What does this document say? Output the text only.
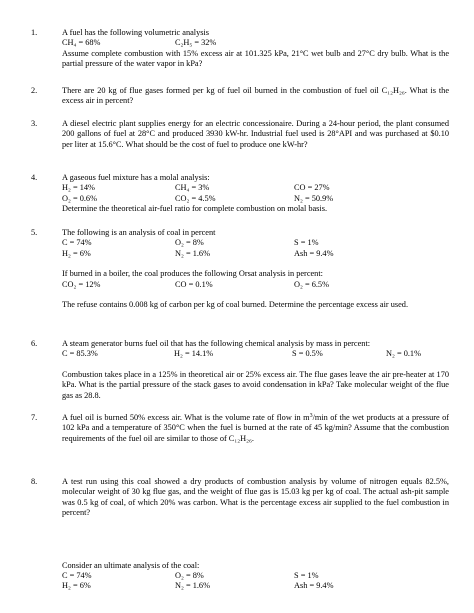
1.	A fuel has the following volumetric analysis
CH₄ = 68%	C₂H₅ = 32%
Assume complete combustion with 15% excess air at 101.325 kPa, 21°C wet bulb and 27°C dry bulb. What is the partial pressure of the water vapor in kPa?
2.	There are 20 kg of flue gases formed per kg of fuel oil burned in the combustion of fuel oil C₁₂H₂₆. What is the excess air in percent?
3.	A diesel electric plant supplies energy for an electric concessionaire. During a 24-hour period, the plant consumed 200 gallons of fuel at 28°C and produced 3930 kW-hr. Industrial fuel used is 28°API and was purchased at $0.10 per liter at 15.6°C. What should be the cost of fuel to produce one kW-hr?
4.	A gaseous fuel mixture has a molal analysis:
H₂ = 14%	CH₄ = 3%	CO = 27%
O₂ = 0.6%	CO₂ = 4.5%	N₂ = 50.9%
Determine the theoretical air-fuel ratio for complete combustion on molal basis.
5.	The following is an analysis of coal in percent
C = 74%	O₂ = 8%	S = 1%
H₂ = 6%	N₂ = 1.6%	Ash = 9.4%
If burned in a boiler, the coal produces the following Orsat analysis in percent:
CO₂ = 12%	CO = 0.1%	O₂ = 6.5%
The refuse contains 0.008 kg of carbon per kg of coal burned. Determine the percentage excess air used.
6.	A steam generator burns fuel oil that has the following chemical analysis by mass in percent:
C = 85.3%	H₂ = 14.1%	S = 0.5%	N₂ = 0.1%
Combustion takes place in a 125% in theoretical air or 25% excess air. The flue gases leave the air pre-heater at 170 kPa. What is the partial pressure of the stack gases to avoid condensation in kPa? Take molecular weight of the flue gas as 28.8.
7.	A fuel oil is burned 50% excess air. What is the volume rate of flow in $m^3/\min$ of the wet products at a pressure of 102 kPa and a temperature of 350°C when the fuel is burned at the rate of 45 kg/min? Assume that the combustion requirements of the fuel oil are similar to those of C₁₂H₂₆.
8.	A test run using this coal showed a dry products of combustion analysis by volume of nitrogen equals 82.5%, molecular weight of 30 kg flue gas, and the weight of flue gas is 15.03 kg per kg of coal. The actual ash-pit sample was 0.5 kg of coal, of which 20% was carbon. What is the percentage excess air supplied to the fuel combustion in percent?
Consider an ultimate analysis of the coal:
C = 74%	O₂ = 8%	S = 1%
H₂ = 6%	N₂ = 1.6%	Ash = 9.4%
